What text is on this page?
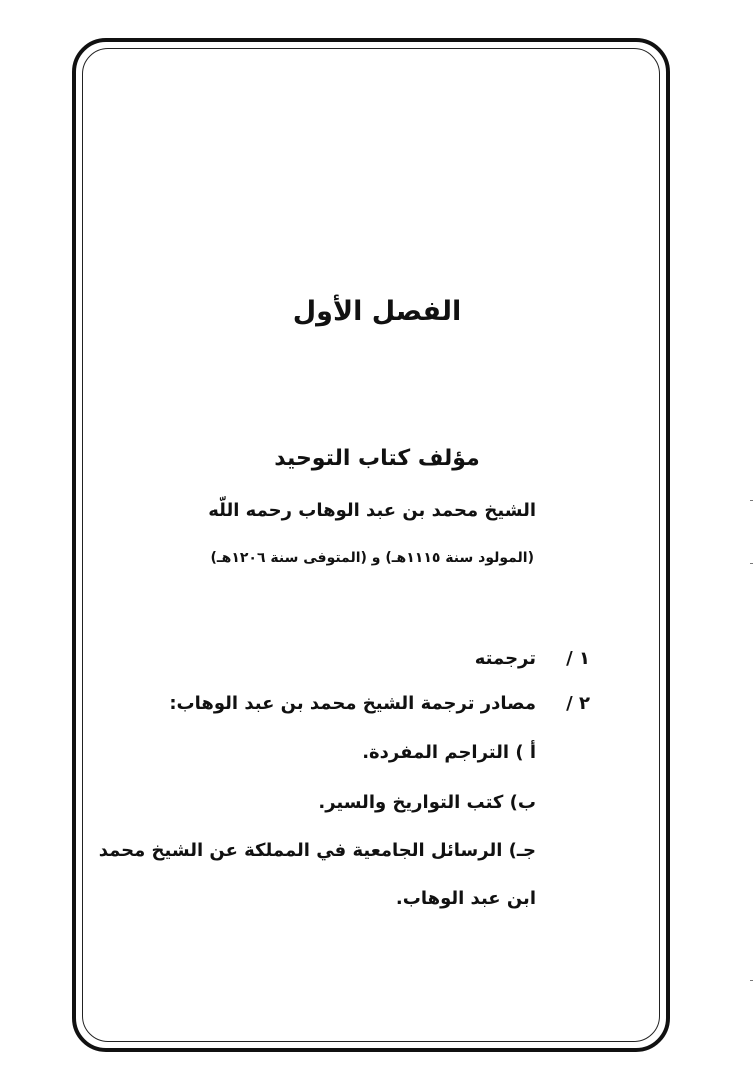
الفصل الأول
مؤلف كتاب التوحيد
الشيخ محمد بن عبد الوهاب رحمه اللّه
(المولود سنة ١١١٥هـ) و (المتوفى سنة ١٢٠٦هـ)
١ /
ترجمته
٢ /
مصادر ترجمة الشيخ محمد بن عبد الوهاب:
أ ) التراجم المفردة.
ب) كتب التواريخ والسير.
جـ) الرسائل الجامعية في المملكة عن الشيخ محمد
ابن عبد الوهاب.
